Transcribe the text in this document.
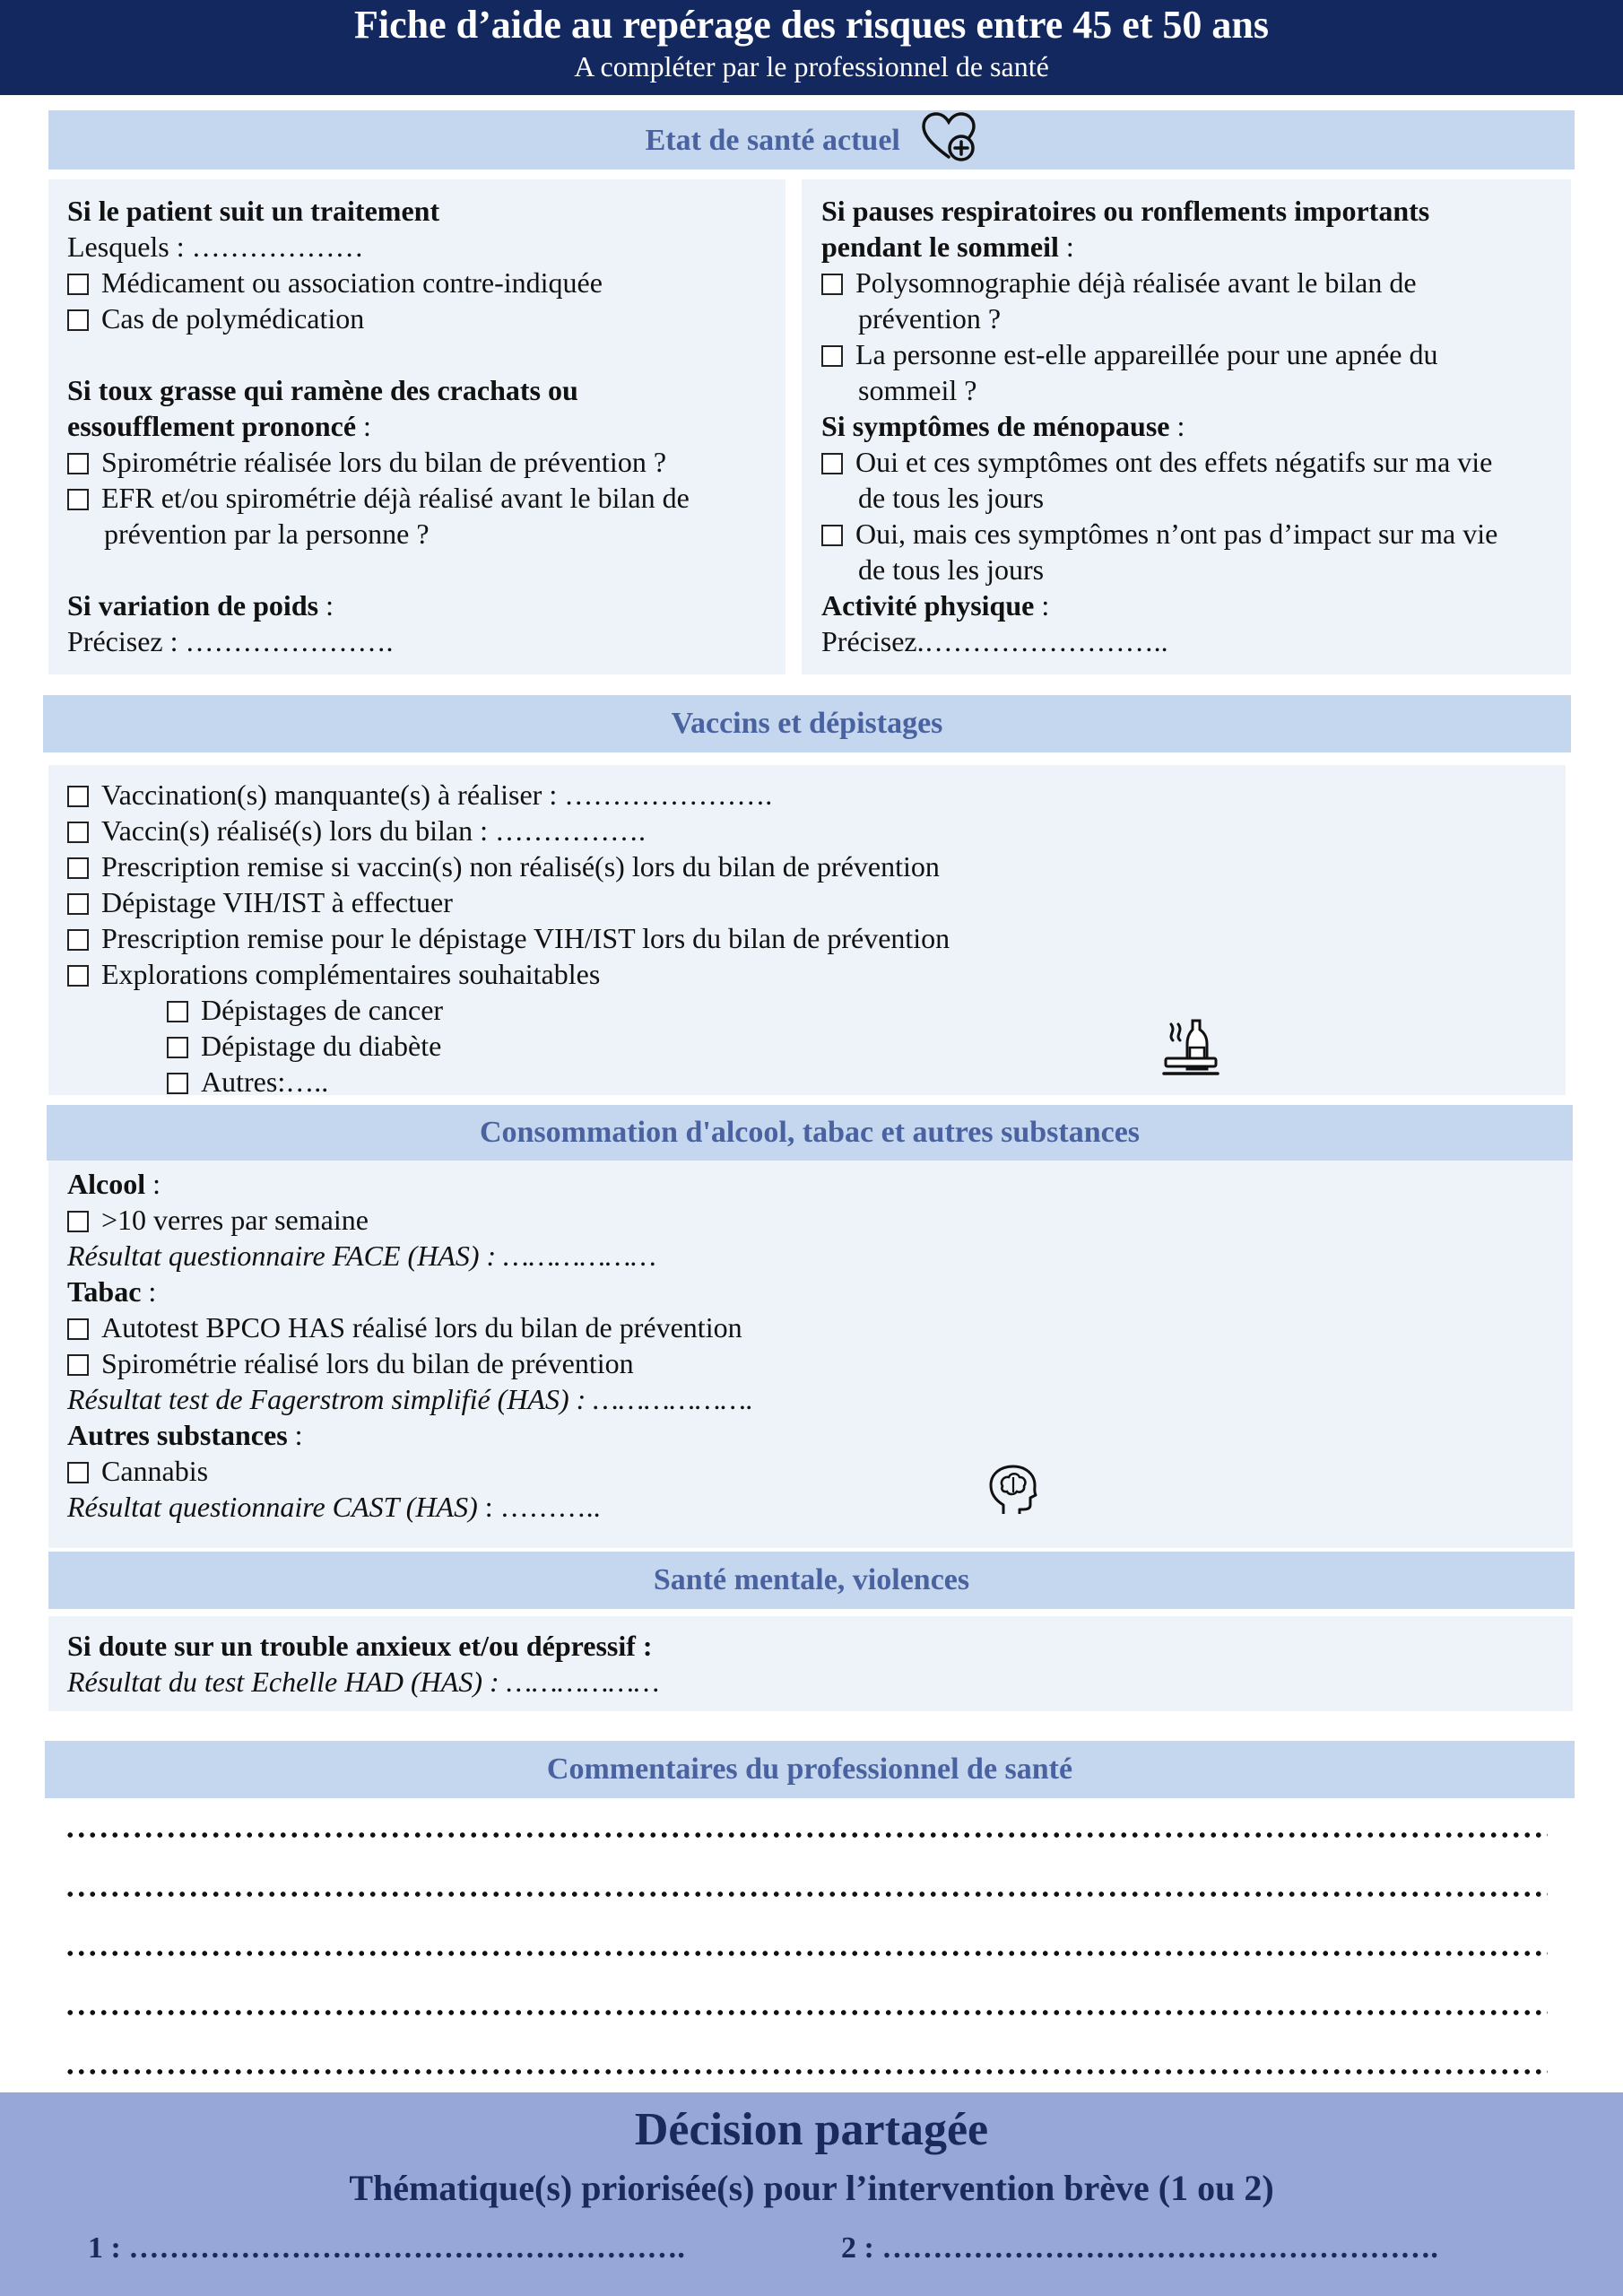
Fiche d’aide au repérage des risques entre 45 et 50 ans
A compléter par le professionnel de santé
Etat de santé actuel
Si le patient suit un traitement
Lesquels : ………………
Médicament ou association contre-indiquée
Cas de polymédication
Si toux grasse qui ramène des crachats ou
essoufflement prononcé :
Spirométrie réalisée lors du bilan de prévention ?
EFR et/ou spirométrie déjà réalisé avant le bilan de
prévention par la personne ?
Si variation de poids :
Précisez : ………………….
Si pauses respiratoires ou ronflements importants
pendant le sommeil :
Polysomnographie déjà réalisée avant le bilan de
prévention ?
La personne est-elle appareillée pour une apnée du
sommeil ?
Si symptômes de ménopause :
Oui et ces symptômes ont des effets négatifs sur ma vie
de tous les jours
Oui, mais ces symptômes n’ont pas d’impact sur ma vie
de tous les jours
Activité physique :
Précisez.……………………..
Vaccins et dépistages
Vaccination(s) manquante(s) à réaliser : ………………….
Vaccin(s) réalisé(s) lors du bilan : …………….
Prescription remise si vaccin(s) non réalisé(s) lors du bilan de prévention
Dépistage VIH/IST à effectuer
Prescription remise pour le dépistage VIH/IST lors du bilan de prévention
Explorations complémentaires souhaitables
Dépistages de cancer
Dépistage du diabète
Autres:…..
Consommation d'alcool, tabac et autres substances
Alcool :
>10 verres par semaine
Résultat questionnaire FACE (HAS) : ………………
Tabac :
Autotest BPCO HAS réalisé lors du bilan de prévention
Spirométrie réalisé lors du bilan de prévention
Résultat test de Fagerstrom simplifié (HAS) : ……………….
Autres substances :
Cannabis
Résultat questionnaire CAST (HAS) : ………..
Santé mentale, violences
Si doute sur un trouble anxieux et/ou dépressif :
Résultat du test Echelle HAD (HAS) : ………………
Commentaires du professionnel de santé
Décision partagée
Thématique(s) priorisée(s) pour l’intervention brève (1 ou 2)
1 : ……………………………………………….	2 : ……………………………………………….
